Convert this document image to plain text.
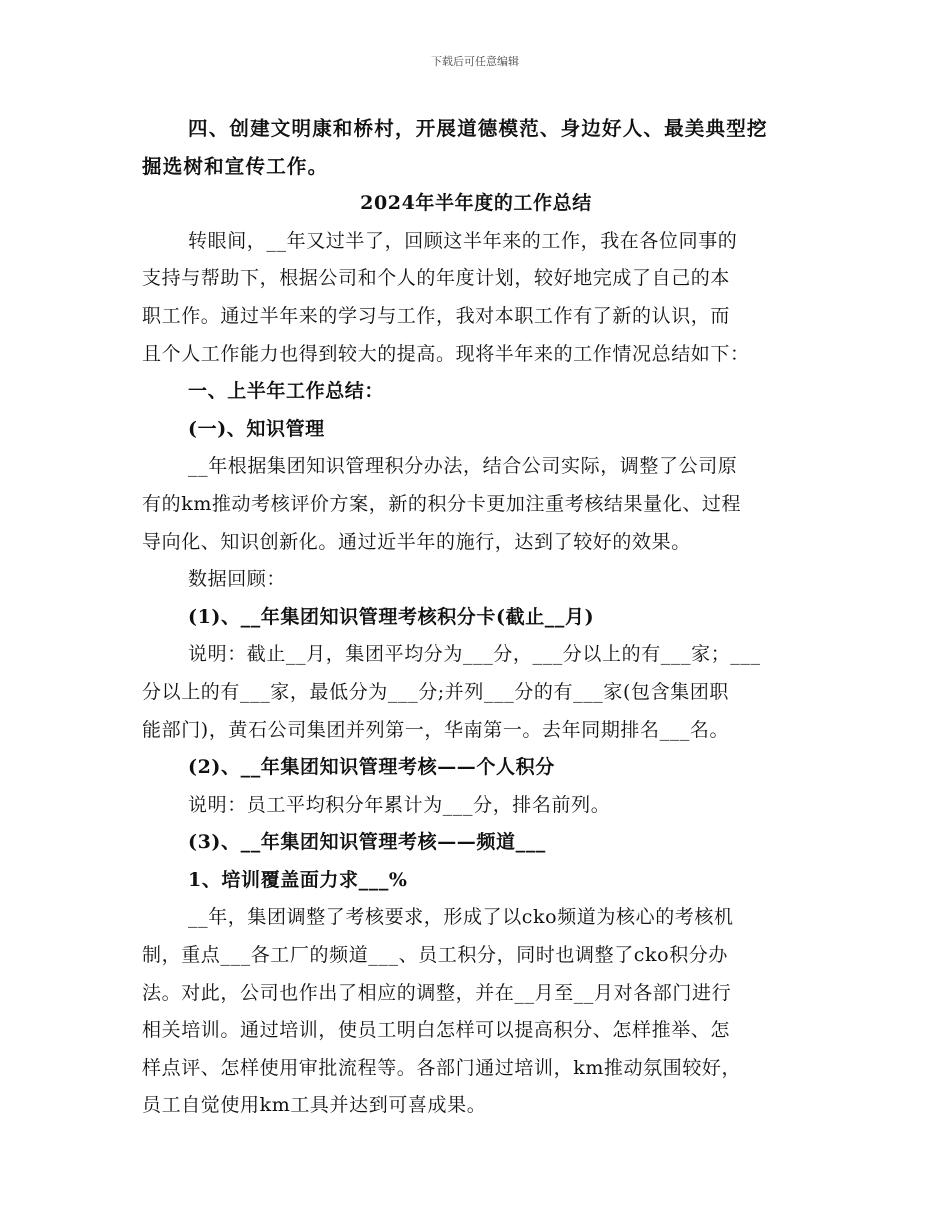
下载后可任意编辑
四、创建文明康和桥村，开展道德模范、身边好人、最美典型挖
掘选树和宣传工作。
2024年半年度的工作总结
转眼间，__年又过半了，回顾这半年来的工作，我在各位同事的
支持与帮助下，根据公司和个人的年度计划，较好地完成了自己的本
职工作。通过半年来的学习与工作，我对本职工作有了新的认识，而
且个人工作能力也得到较大的提高。现将半年来的工作情况总结如下：
一、上半年工作总结：
(一)、知识管理
__年根据集团知识管理积分办法，结合公司实际，调整了公司原
有的km推动考核评价方案，新的积分卡更加注重考核结果量化、过程
导向化、知识创新化。通过近半年的施行，达到了较好的效果。
数据回顾：
(1)、__年集团知识管理考核积分卡(截止__月)
说明：截止__月，集团平均分为___分，___分以上的有___家；___
分以上的有___家，最低分为___分;并列___分的有___家(包含集团职
能部门)，黄石公司集团并列第一，华南第一。去年同期排名___名。
(2)、__年集团知识管理考核——个人积分
说明：员工平均积分年累计为___分，排名前列。
(3)、__年集团知识管理考核——频道___
1、培训覆盖面力求___%
__年，集团调整了考核要求，形成了以cko频道为核心的考核机
制，重点___各工厂的频道___、员工积分，同时也调整了cko积分办
法。对此，公司也作出了相应的调整，并在__月至__月对各部门进行
相关培训。通过培训，使员工明白怎样可以提高积分、怎样推举、怎
样点评、怎样使用审批流程等。各部门通过培训，km推动氛围较好，
员工自觉使用km工具并达到可喜成果。
